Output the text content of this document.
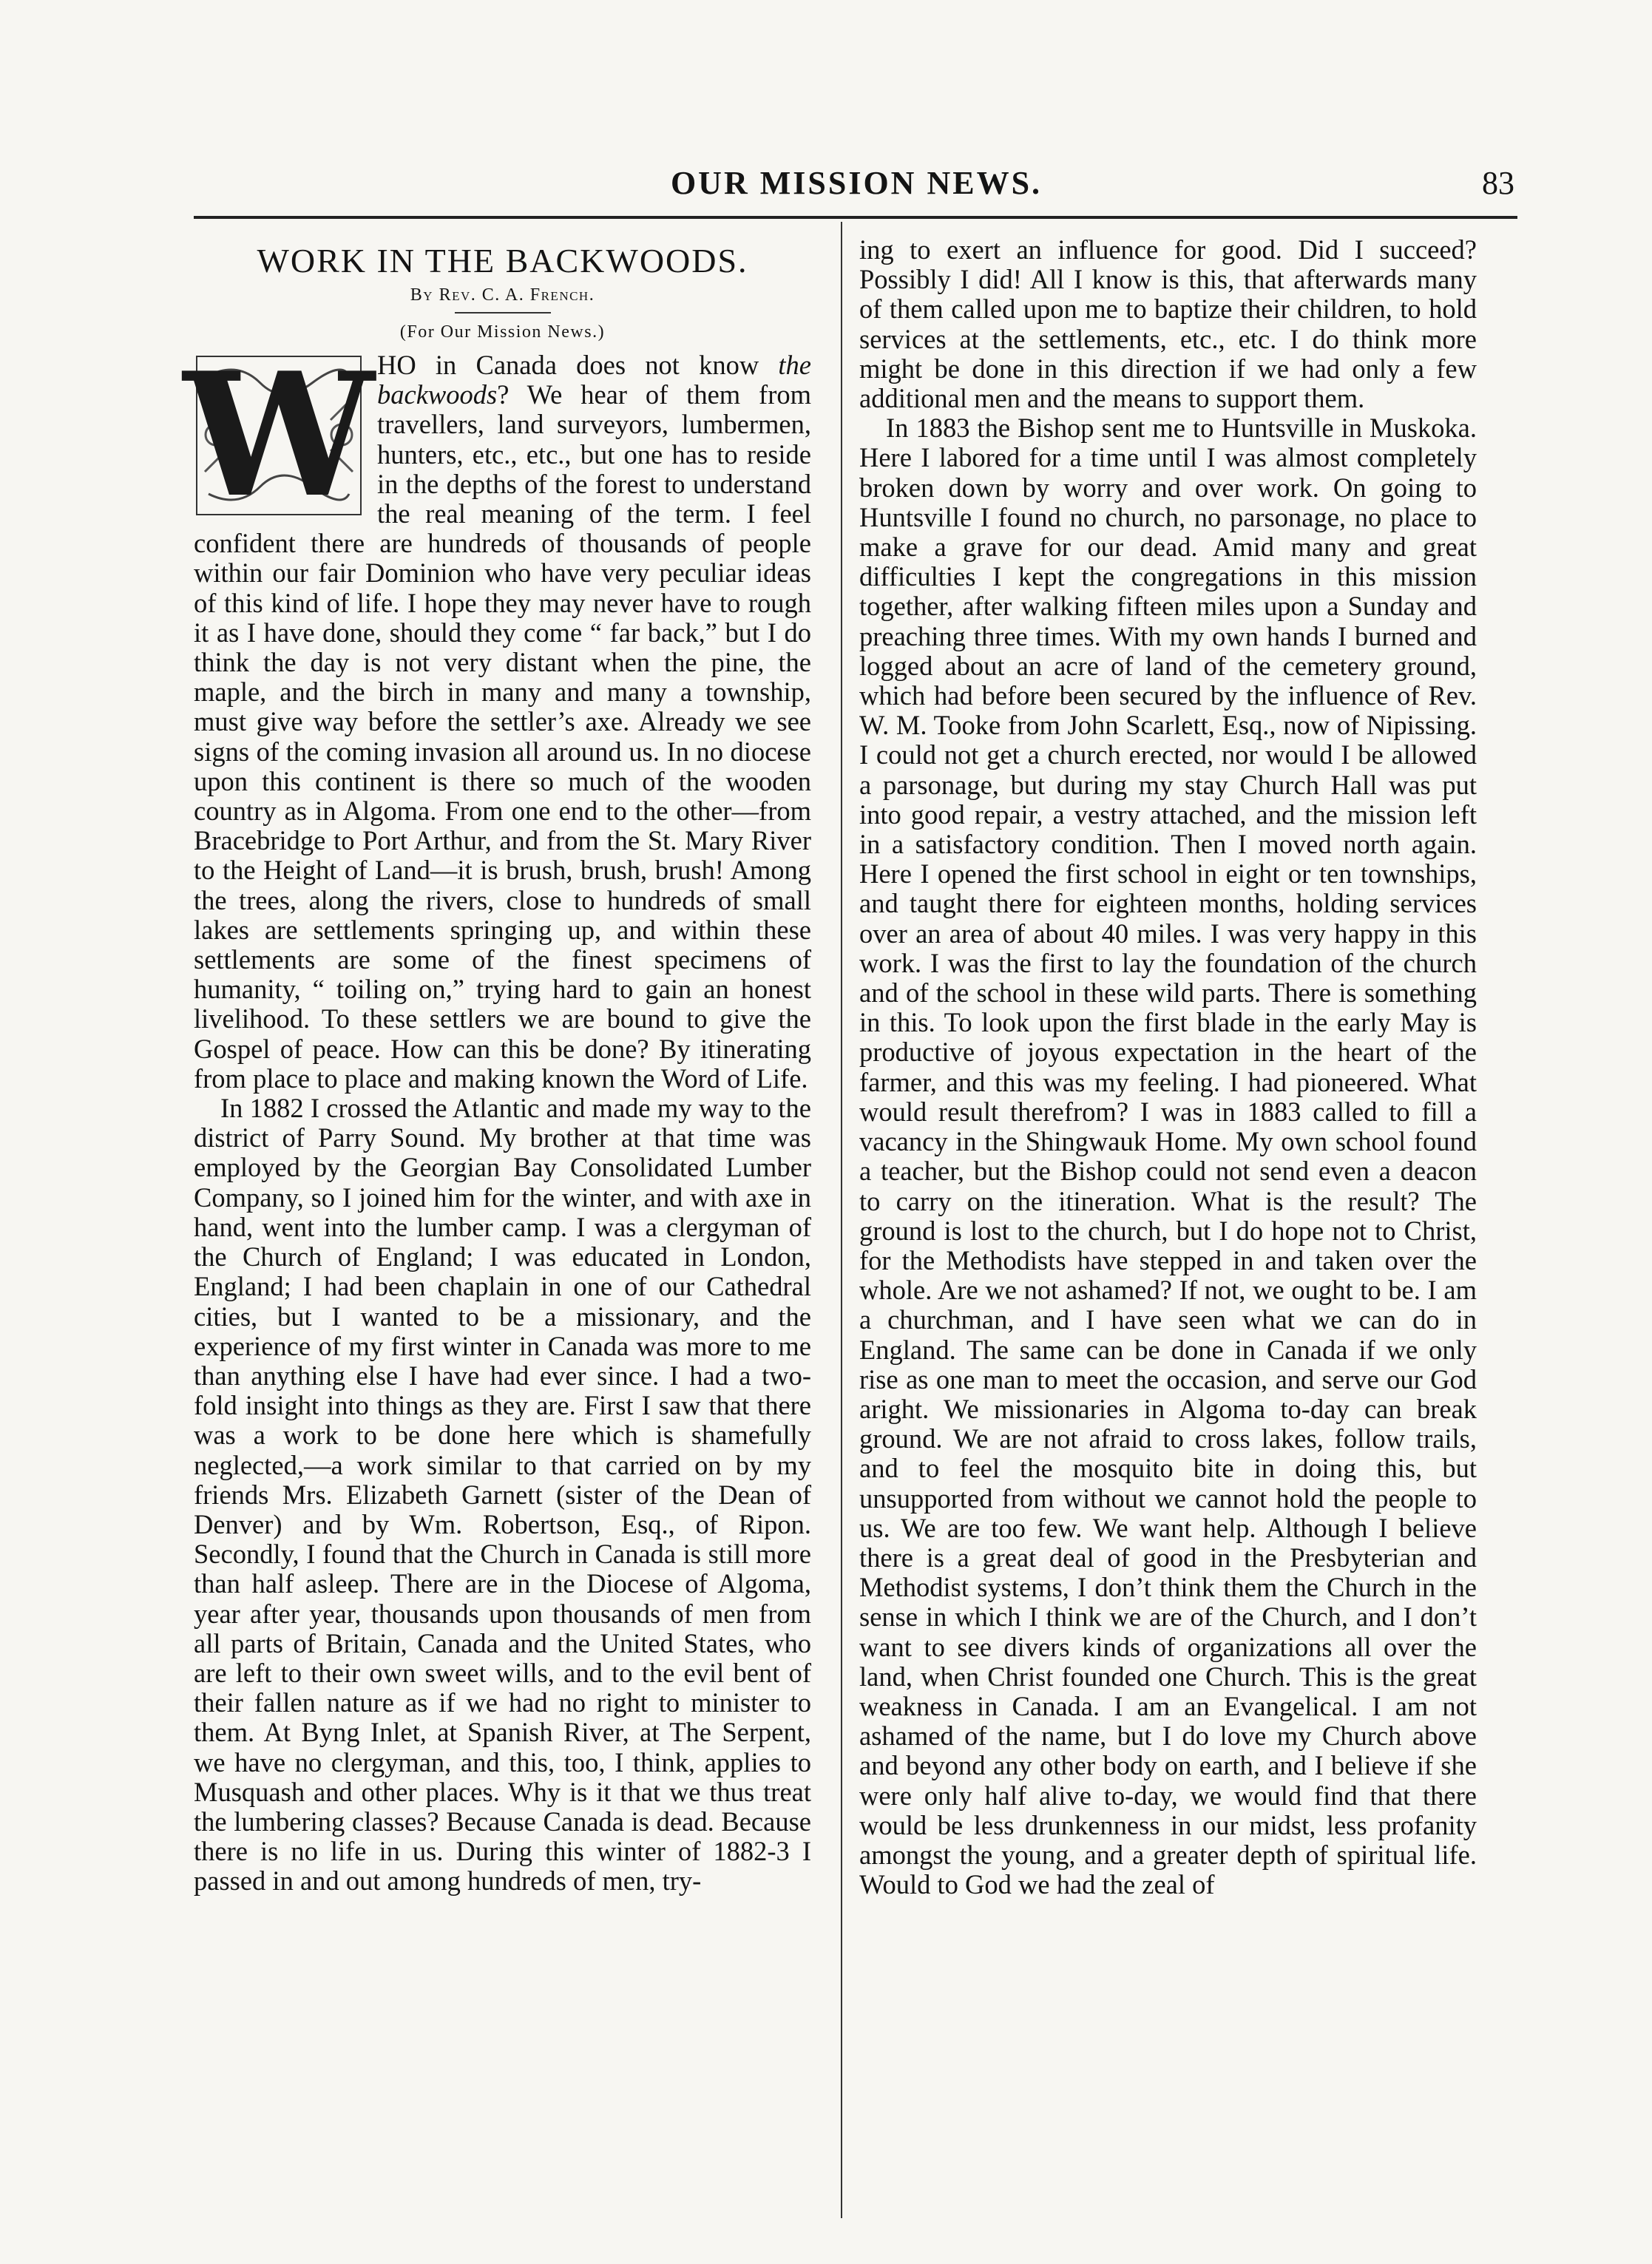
OUR MISSION NEWS.	83
WORK IN THE BACKWOODS.
By Rev. C. A. French.
(For Our Mission News.)

W HO in Canada does not know the backwoods? We hear of them from travellers, land surveyors, lumbermen, hunters, etc., etc., but one has to reside in the depths of the forest to understand the real meaning of the term. I feel confident there are hundreds of thousands of people within our fair Dominion who have very peculiar ideas of this kind of life. I hope they may never have to rough it as I have done, should they come “ far back,” but I do think the day is not very distant when the pine, the maple, and the birch in many and many a township, must give way before the settler’s axe. Already we see signs of the coming invasion all around us. In no diocese upon this continent is there so much of the wooden country as in Algoma. From one end to the other—from Bracebridge to Port Arthur, and from the St. Mary River to the Height of Land—it is brush, brush, brush! Among the trees, along the rivers, close to hundreds of small lakes are settlements springing up, and within these settlements are some of the finest specimens of humanity, “ toiling on,” trying hard to gain an honest livelihood. To these settlers we are bound to give the Gospel of peace. How can this be done? By itinerating from place to place and making known the Word of Life.

In 1882 I crossed the Atlantic and made my way to the district of Parry Sound. My brother at that time was employed by the Georgian Bay Consolidated Lumber Company, so I joined him for the winter, and with axe in hand, went into the lumber camp. I was a clergyman of the Church of England; I was educated in London, England; I had been chaplain in one of our Cathedral cities, but I wanted to be a missionary, and the experience of my first winter in Canada was more to me than anything else I have had ever since. I had a two-fold insight into things as they are. First I saw that there was a work to be done here which is shamefully neglected,—a work similar to that carried on by my friends Mrs. Elizabeth Garnett (sister of the Dean of Denver) and by Wm. Robertson, Esq., of Ripon. Secondly, I found that the Church in Canada is still more than half asleep. There are in the Diocese of Algoma, year after year, thousands upon thousands of men from all parts of Britain, Canada and the United States, who are left to their own sweet wills, and to the evil bent of their fallen nature as if we had no right to minister to them. At Byng Inlet, at Spanish River, at The Serpent, we have no clergyman, and this, too, I think, applies to Musquash and other places. Why is it that we thus treat the lumbering classes? Because Canada is dead. Because there is no life in us. During this winter of 1882-3 I passed in and out among hundreds of men, try-

ing to exert an influence for good. Did I succeed? Possibly I did! All I know is this, that afterwards many of them called upon me to baptize their children, to hold services at the settlements, etc., etc. I do think more might be done in this direction if we had only a few additional men and the means to support them.

In 1883 the Bishop sent me to Huntsville in Muskoka. Here I labored for a time until I was almost completely broken down by worry and over work. On going to Huntsville I found no church, no parsonage, no place to make a grave for our dead. Amid many and great difficulties I kept the congregations in this mission together, after walking fifteen miles upon a Sunday and preaching three times. With my own hands I burned and logged about an acre of land of the cemetery ground, which had before been secured by the influence of Rev. W. M. Tooke from John Scarlett, Esq., now of Nipissing. I could not get a church erected, nor would I be allowed a parsonage, but during my stay Church Hall was put into good repair, a vestry attached, and the mission left in a satisfactory condition. Then I moved north again. Here I opened the first school in eight or ten townships, and taught there for eighteen months, holding services over an area of about 40 miles. I was very happy in this work. I was the first to lay the foundation of the church and of the school in these wild parts. There is something in this. To look upon the first blade in the early May is productive of joyous expectation in the heart of the farmer, and this was my feeling. I had pioneered. What would result therefrom? I was in 1883 called to fill a vacancy in the Shingwauk Home. My own school found a teacher, but the Bishop could not send even a deacon to carry on the itineration. What is the result? The ground is lost to the church, but I do hope not to Christ, for the Methodists have stepped in and taken over the whole. Are we not ashamed? If not, we ought to be. I am a churchman, and I have seen what we can do in England. The same can be done in Canada if we only rise as one man to meet the occasion, and serve our God aright. We missionaries in Algoma to-day can break ground. We are not afraid to cross lakes, follow trails, and to feel the mosquito bite in doing this, but unsupported from without we cannot hold the people to us. We are too few. We want help. Although I believe there is a great deal of good in the Presbyterian and Methodist systems, I don’t think them the Church in the sense in which I think we are of the Church, and I don’t want to see divers kinds of organizations all over the land, when Christ founded one Church. This is the great weakness in Canada. I am an Evangelical. I am not ashamed of the name, but I do love my Church above and beyond any other body on earth, and I believe if she were only half alive to-day, we would find that there would be less drunkenness in our midst, less profanity amongst the young, and a greater depth of spiritual life. Would to God we had the zeal of
